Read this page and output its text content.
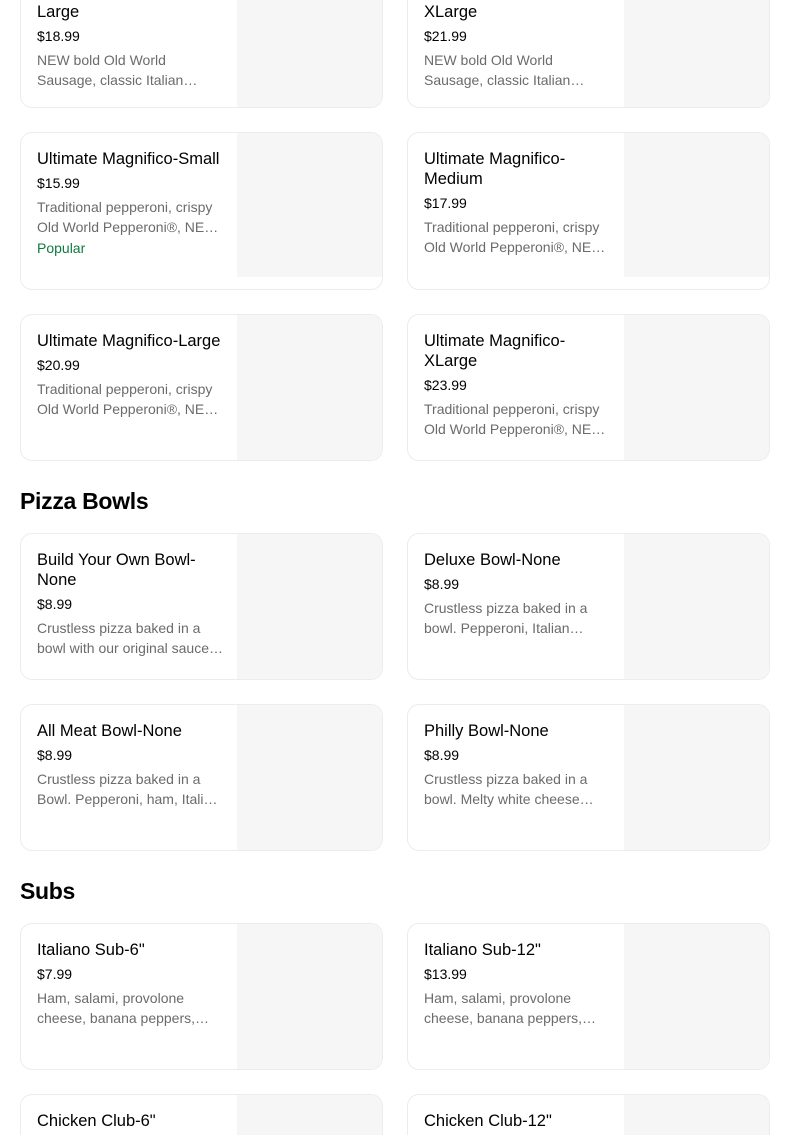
Large
$18.99
NEW bold Old World Sausage, classic Italian
XLarge
$21.99
NEW bold Old World Sausage, classic Italian
Ultimate Magnifico-Small
$15.99
Traditional pepperoni, crispy Old World Pepperoni®, NEW
Popular
Ultimate Magnifico-Medium
$17.99
Traditional pepperoni, crispy Old World Pepperoni®, NEW
Ultimate Magnifico-Large
$20.99
Traditional pepperoni, crispy Old World Pepperoni®, NEW
Ultimate Magnifico-XLarge
$23.99
Traditional pepperoni, crispy Old World Pepperoni®, NEW
Pizza Bowls
Build Your Own Bowl-None
$8.99
Crustless pizza baked in a bowl with our original sauce
Deluxe Bowl-None
$8.99
Crustless pizza baked in a bowl. Pepperoni, Italian
All Meat Bowl-None
$8.99
Crustless pizza baked in a Bowl. Pepperoni, ham, Italian
Philly Bowl-None
$8.99
Crustless pizza baked in a bowl. Melty white cheese
Subs
Italiano Sub-6"
$7.99
Ham, salami, provolone cheese, banana peppers,
Italiano Sub-12"
$13.99
Ham, salami, provolone cheese, banana peppers,
Chicken Club-6"	Chicken Club-12"
